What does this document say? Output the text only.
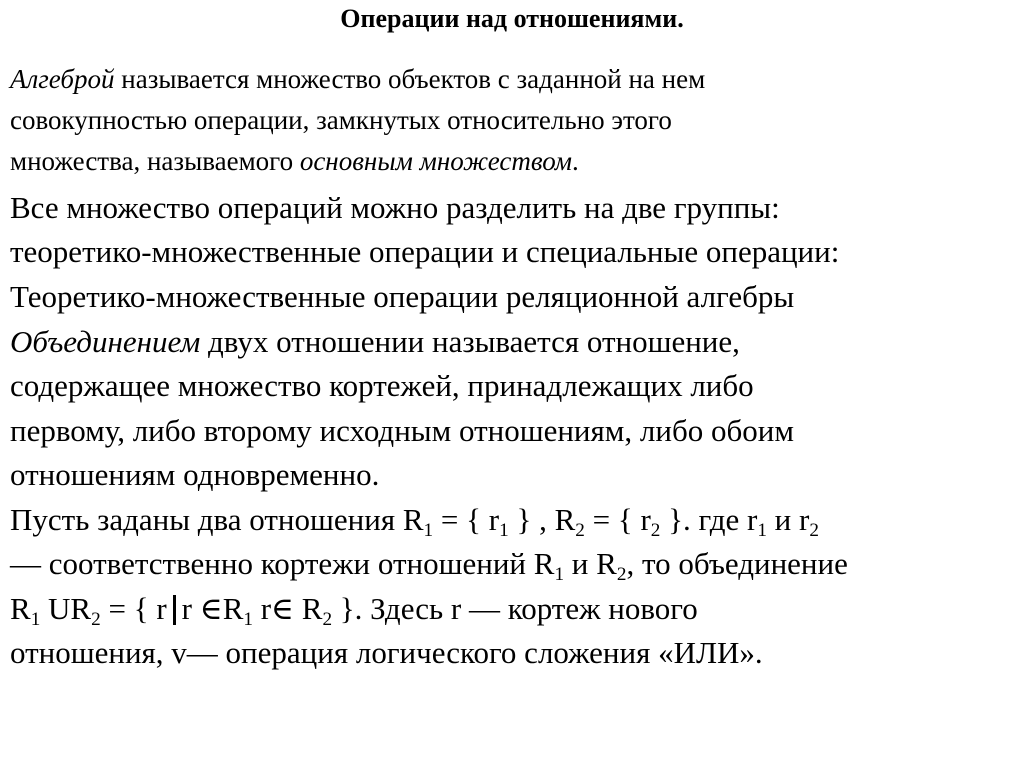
Операции над отношениями.
Алгеброй называется множество объектов с заданной на нем
совокупностью операции, замкнутых относительно этого
множества, называемого основным множеством.
Все множество операций можно разделить на две группы:
теоретико-множественные операции и специальные операции:
Теоретико-множественные операции реляционной алгебры
Объединением двух отношении называется отношение,
содержащее множество кортежей, принадлежащих либо
первому, либо второму исходным отношениям, либо обоим
отношениям одновременно.
Пусть заданы два отношения $R_1$ = { $r_1$ } , $R_2$ = { $r_2$ }. где $r_1$ и $r_2$
— соответственно кортежи отношений $R_1$ и $R_2$, то объединение
$R_1$ $UR_2$ = { r r $\in R_1$ r∈ $R_2$ }. Здесь r — кортеж нового
отношения, v— операция логического сложения «ИЛИ».
